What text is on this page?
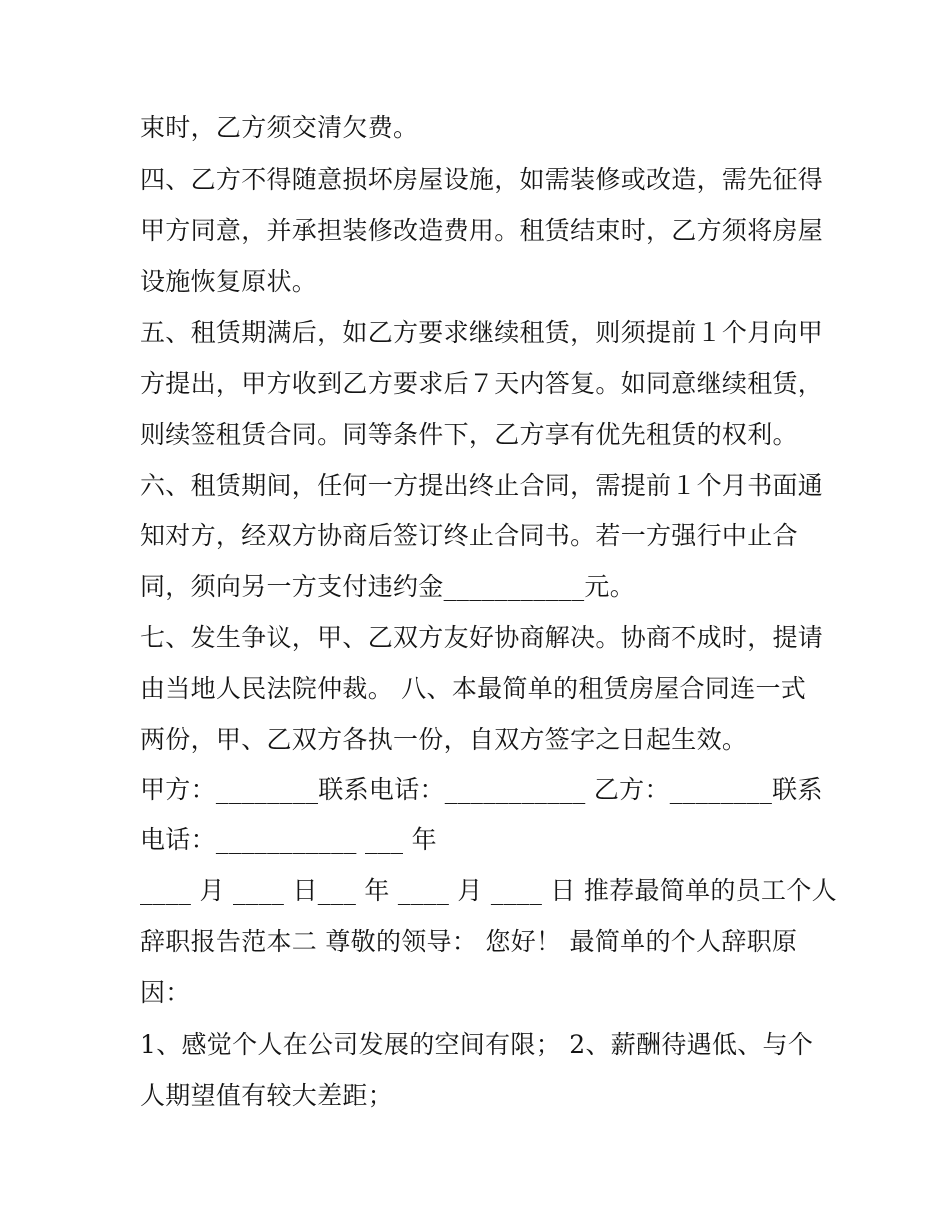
束时，乙方须交清欠费。
四、乙方不得随意损坏房屋设施，如需装修或改造，需先征得
甲方同意，并承担装修改造费用。租赁结束时，乙方须将房屋
设施恢复原状。
五、租赁期满后，如乙方要求继续租赁，则须提前１个月向甲
方提出，甲方收到乙方要求后７天内答复。如同意继续租赁，
则续签租赁合同。同等条件下，乙方享有优先租赁的权利。
六、租赁期间，任何一方提出终止合同，需提前１个月书面通
知对方，经双方协商后签订终止合同书。若一方强行中止合
同，须向另一方支付违约金___________元。
七、发生争议，甲、乙双方友好协商解决。协商不成时，提请
由当地人民法院仲裁。 八、本最简单的租赁房屋合同连一式
两份，甲、乙双方各执一份，自双方签字之日起生效。
甲方：________联系电话：___________ 乙方：________联系
电话：___________ ___ 年
____ 月 ____ 日___ 年 ____ 月 ____ 日 推荐最简单的员工个人
辞职报告范本二 尊敬的领导： 您好！ 最简单的个人辞职原
因：
1、感觉个人在公司发展的空间有限； 2、薪酬待遇低、与个
人期望值有较大差距；
